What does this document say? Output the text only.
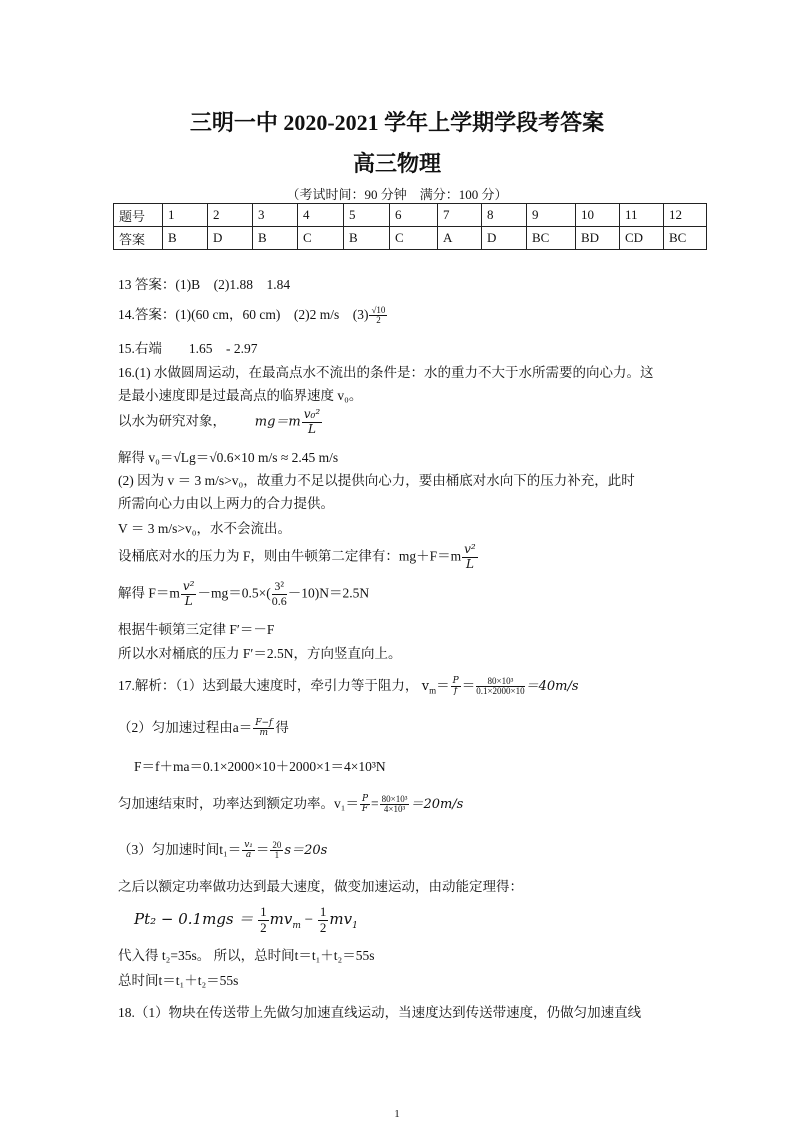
三明一中 2020-2021 学年上学期学段考答案
高三物理
（考试时间：90 分钟　满分：100 分）
题号	1	2	3	4	5	6	7	8	9	10	11	12
答案	B	D	B	C	B	C	A	D	BC	BD	CD	BC
13 答案：(1)B　(2)1.88　1.84
14.答案：(1)(60 cm，60 cm)　(2)2 m/s　$(3) \frac{√10}{2}$
15.右端　　1.65　- 2.97
16.(1) 水做圆周运动，在最高点水不流出的条件是：水的重力不大于水所需要的向心力。这
是最小速度即是过最高点的临界速度 v₀。
以水为研究对象， $mg=m \frac{\text{v₀²}}{L}$
解得 v₀＝√Lg＝√0.6×10 m/s ≈ 2.45 m/s
(2) 因为 v ＝ 3 m/s>v₀，故重力不足以提供向心力，要由桶底对水向下的压力补充，此时
所需向心力由以上两力的合力提供。
V ＝ 3 m/s>v₀，水不会流出。
设桶底对水的压力为 F，则由牛顿第二定律有：$mg+F=m \frac{\text{v²}}{L}$
解得 $F=m \frac{\text{v²}}{L} -mg=0.5\times( \frac{\text{3²}}{0.6} -10)N=2.5N$
根据牛顿第三定律 F′＝－F
所以水对桶底的压力 F′＝2.5N，方向竖直向上。
17.解析：（1）达到最大速度时，牵引力等于阻力， $v_m= \frac{P}{f} = \frac{\text{80×10³}}{0.1\times 2000\times 10} =40m/s$
（2）匀加速过程由$a= \frac{F-f}{m}$ 得
F＝f＋ma＝0.1×2000×10＋2000×1＝4×10³N
匀加速结束时，功率达到额定功率。$v_1= \frac{P}{F} = \frac{\text{80×10³}}{\text{4×10³}} =20m/s$
（3）匀加速时间$t_1= \frac{\text{v₁}}{a} = \frac{20}{1} s=20s$
之后以额定功率做功达到最大速度，做变加速运动，由动能定理得：
$Pt_2 - 0.1mgs = \frac{1}{2} mv_m - \frac{1}{2} mv_1$
代入得 t₂=35s。 所以，总时间t＝t₁＋t₂＝55s
总时间t＝t₁＋t₂＝55s
18.（1）物块在传送带上先做匀加速直线运动，当速度达到传送带速度，仍做匀加速直线
1
